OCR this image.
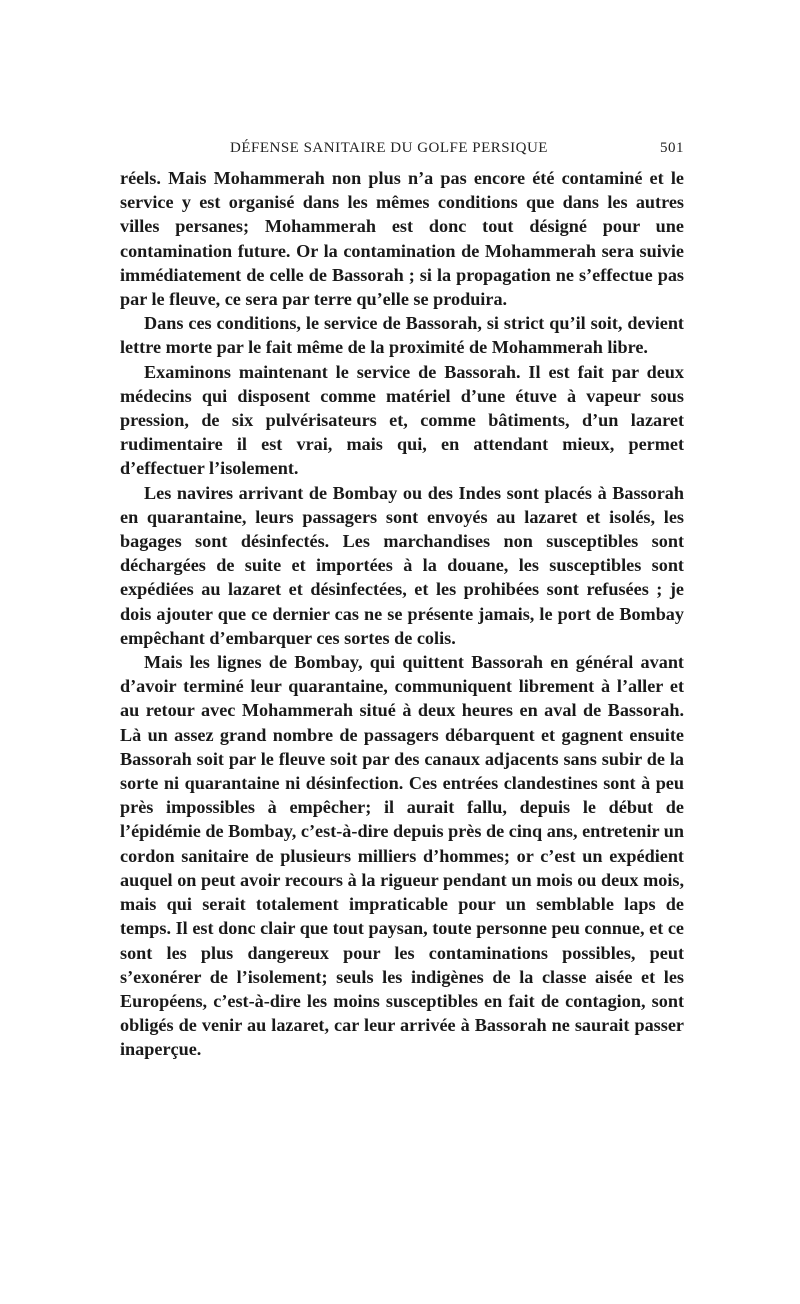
DÉFENSE SANITAIRE DU GOLFE PERSIQUE	501

réels. Mais Mohammerah non plus n’a pas encore été contaminé et le service y est organisé dans les mêmes conditions que dans les autres villes persanes; Mohammerah est donc tout désigné pour une contamination future. Or la contamination de Mohammerah sera suivie immédiatement de celle de Bassorah ; si la propagation ne s’effectue pas par le fleuve, ce sera par terre qu’elle se produira.

Dans ces conditions, le service de Bassorah, si strict qu’il soit, devient lettre morte par le fait même de la proximité de Mohammerah libre.

Examinons maintenant le service de Bassorah. Il est fait par deux médecins qui disposent comme matériel d’une étuve à vapeur sous pression, de six pulvérisateurs et, comme bâtiments, d’un lazaret rudimentaire il est vrai, mais qui, en attendant mieux, permet d’effectuer l’isolement.

Les navires arrivant de Bombay ou des Indes sont placés à Bassorah en quarantaine, leurs passagers sont envoyés au lazaret et isolés, les bagages sont désinfectés. Les marchandises non susceptibles sont déchargées de suite et importées à la douane, les susceptibles sont expédiées au lazaret et désinfectées, et les prohibées sont refusées ; je dois ajouter que ce dernier cas ne se présente jamais, le port de Bombay empêchant d’embarquer ces sortes de colis.

Mais les lignes de Bombay, qui quittent Bassorah en général avant d’avoir terminé leur quarantaine, communiquent librement à l’aller et au retour avec Mohammerah situé à deux heures en aval de Bassorah. Là un assez grand nombre de passagers débarquent et gagnent ensuite Bassorah soit par le fleuve soit par des canaux adjacents sans subir de la sorte ni quarantaine ni désinfection. Ces entrées clandestines sont à peu près impossibles à empêcher; il aurait fallu, depuis le début de l’épidémie de Bombay, c’est-à-dire depuis près de cinq ans, entretenir un cordon sanitaire de plusieurs milliers d’hommes; or c’est un expédient auquel on peut avoir recours à la rigueur pendant un mois ou deux mois, mais qui serait totalement impraticable pour un semblable laps de temps. Il est donc clair que tout paysan, toute personne peu connue, et ce sont les plus dangereux pour les contaminations possibles, peut s’exonérer de l’isolement; seuls les indigènes de la classe aisée et les Européens, c’est-à-dire les moins susceptibles en fait de contagion, sont obligés de venir au lazaret, car leur arrivée à Bassorah ne saurait passer inaperçue.
